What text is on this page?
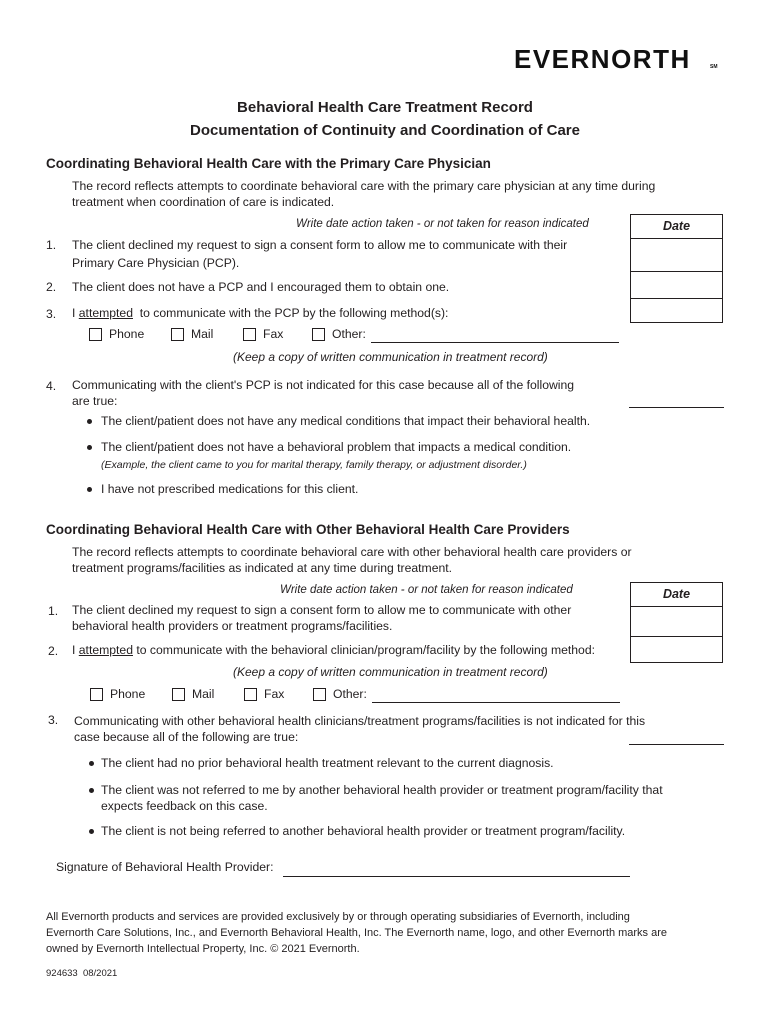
EVERNORTH	SM
Behavioral Health Care Treatment Record
Documentation of Continuity and Coordination of Care
Coordinating Behavioral Health Care with the Primary Care Physician
The record reflects attempts to coordinate behavioral care with the primary care physician at any time during
treatment when coordination of care is indicated.
Write date action taken - or not taken for reason indicated	Date
1. The client declined my request to sign a consent form to allow me to communicate with their
Primary Care Physician (PCP).
2. The client does not have a PCP and I encouraged them to obtain one.
3. I attempted  to communicate with the PCP by the following method(s):
Phone	Mail	Fax	Other:
(Keep a copy of written communication in treatment record)
4. Communicating with the client's PCP is not indicated for this case because all of the following
are true:
The client/patient does not have any medical conditions that impact their behavioral health.
The client/patient does not have a behavioral problem that impacts a medical condition.
(Example, the client came to you for marital therapy, family therapy, or adjustment disorder.)
I have not prescribed medications for this client.
Coordinating Behavioral Health Care with Other Behavioral Health Care Providers
The record reflects attempts to coordinate behavioral care with other behavioral health care providers or
treatment programs/facilities as indicated at any time during treatment.
Write date action taken - or not taken for reason indicated	Date
1. The client declined my request to sign a consent form to allow me to communicate with other
behavioral health providers or treatment programs/facilities.
2. I attempted to communicate with the behavioral clinician/program/facility by the following method:
(Keep a copy of written communication in treatment record)
Phone	Mail	Fax	Other:
3. Communicating with other behavioral health clinicians/treatment programs/facilities is not indicated for this
case because all of the following are true:
The client had no prior behavioral health treatment relevant to the current diagnosis.
The client was not referred to me by another behavioral health provider or treatment program/facility that
expects feedback on this case.
The client is not being referred to another behavioral health provider or treatment program/facility.
Signature of Behavioral Health Provider:
All Evernorth products and services are provided exclusively by or through operating subsidiaries of Evernorth, including
Evernorth Care Solutions, Inc., and Evernorth Behavioral Health, Inc. The Evernorth name, logo, and other Evernorth marks are
owned by Evernorth Intellectual Property, Inc. © 2021 Evernorth.
924633  08/2021
